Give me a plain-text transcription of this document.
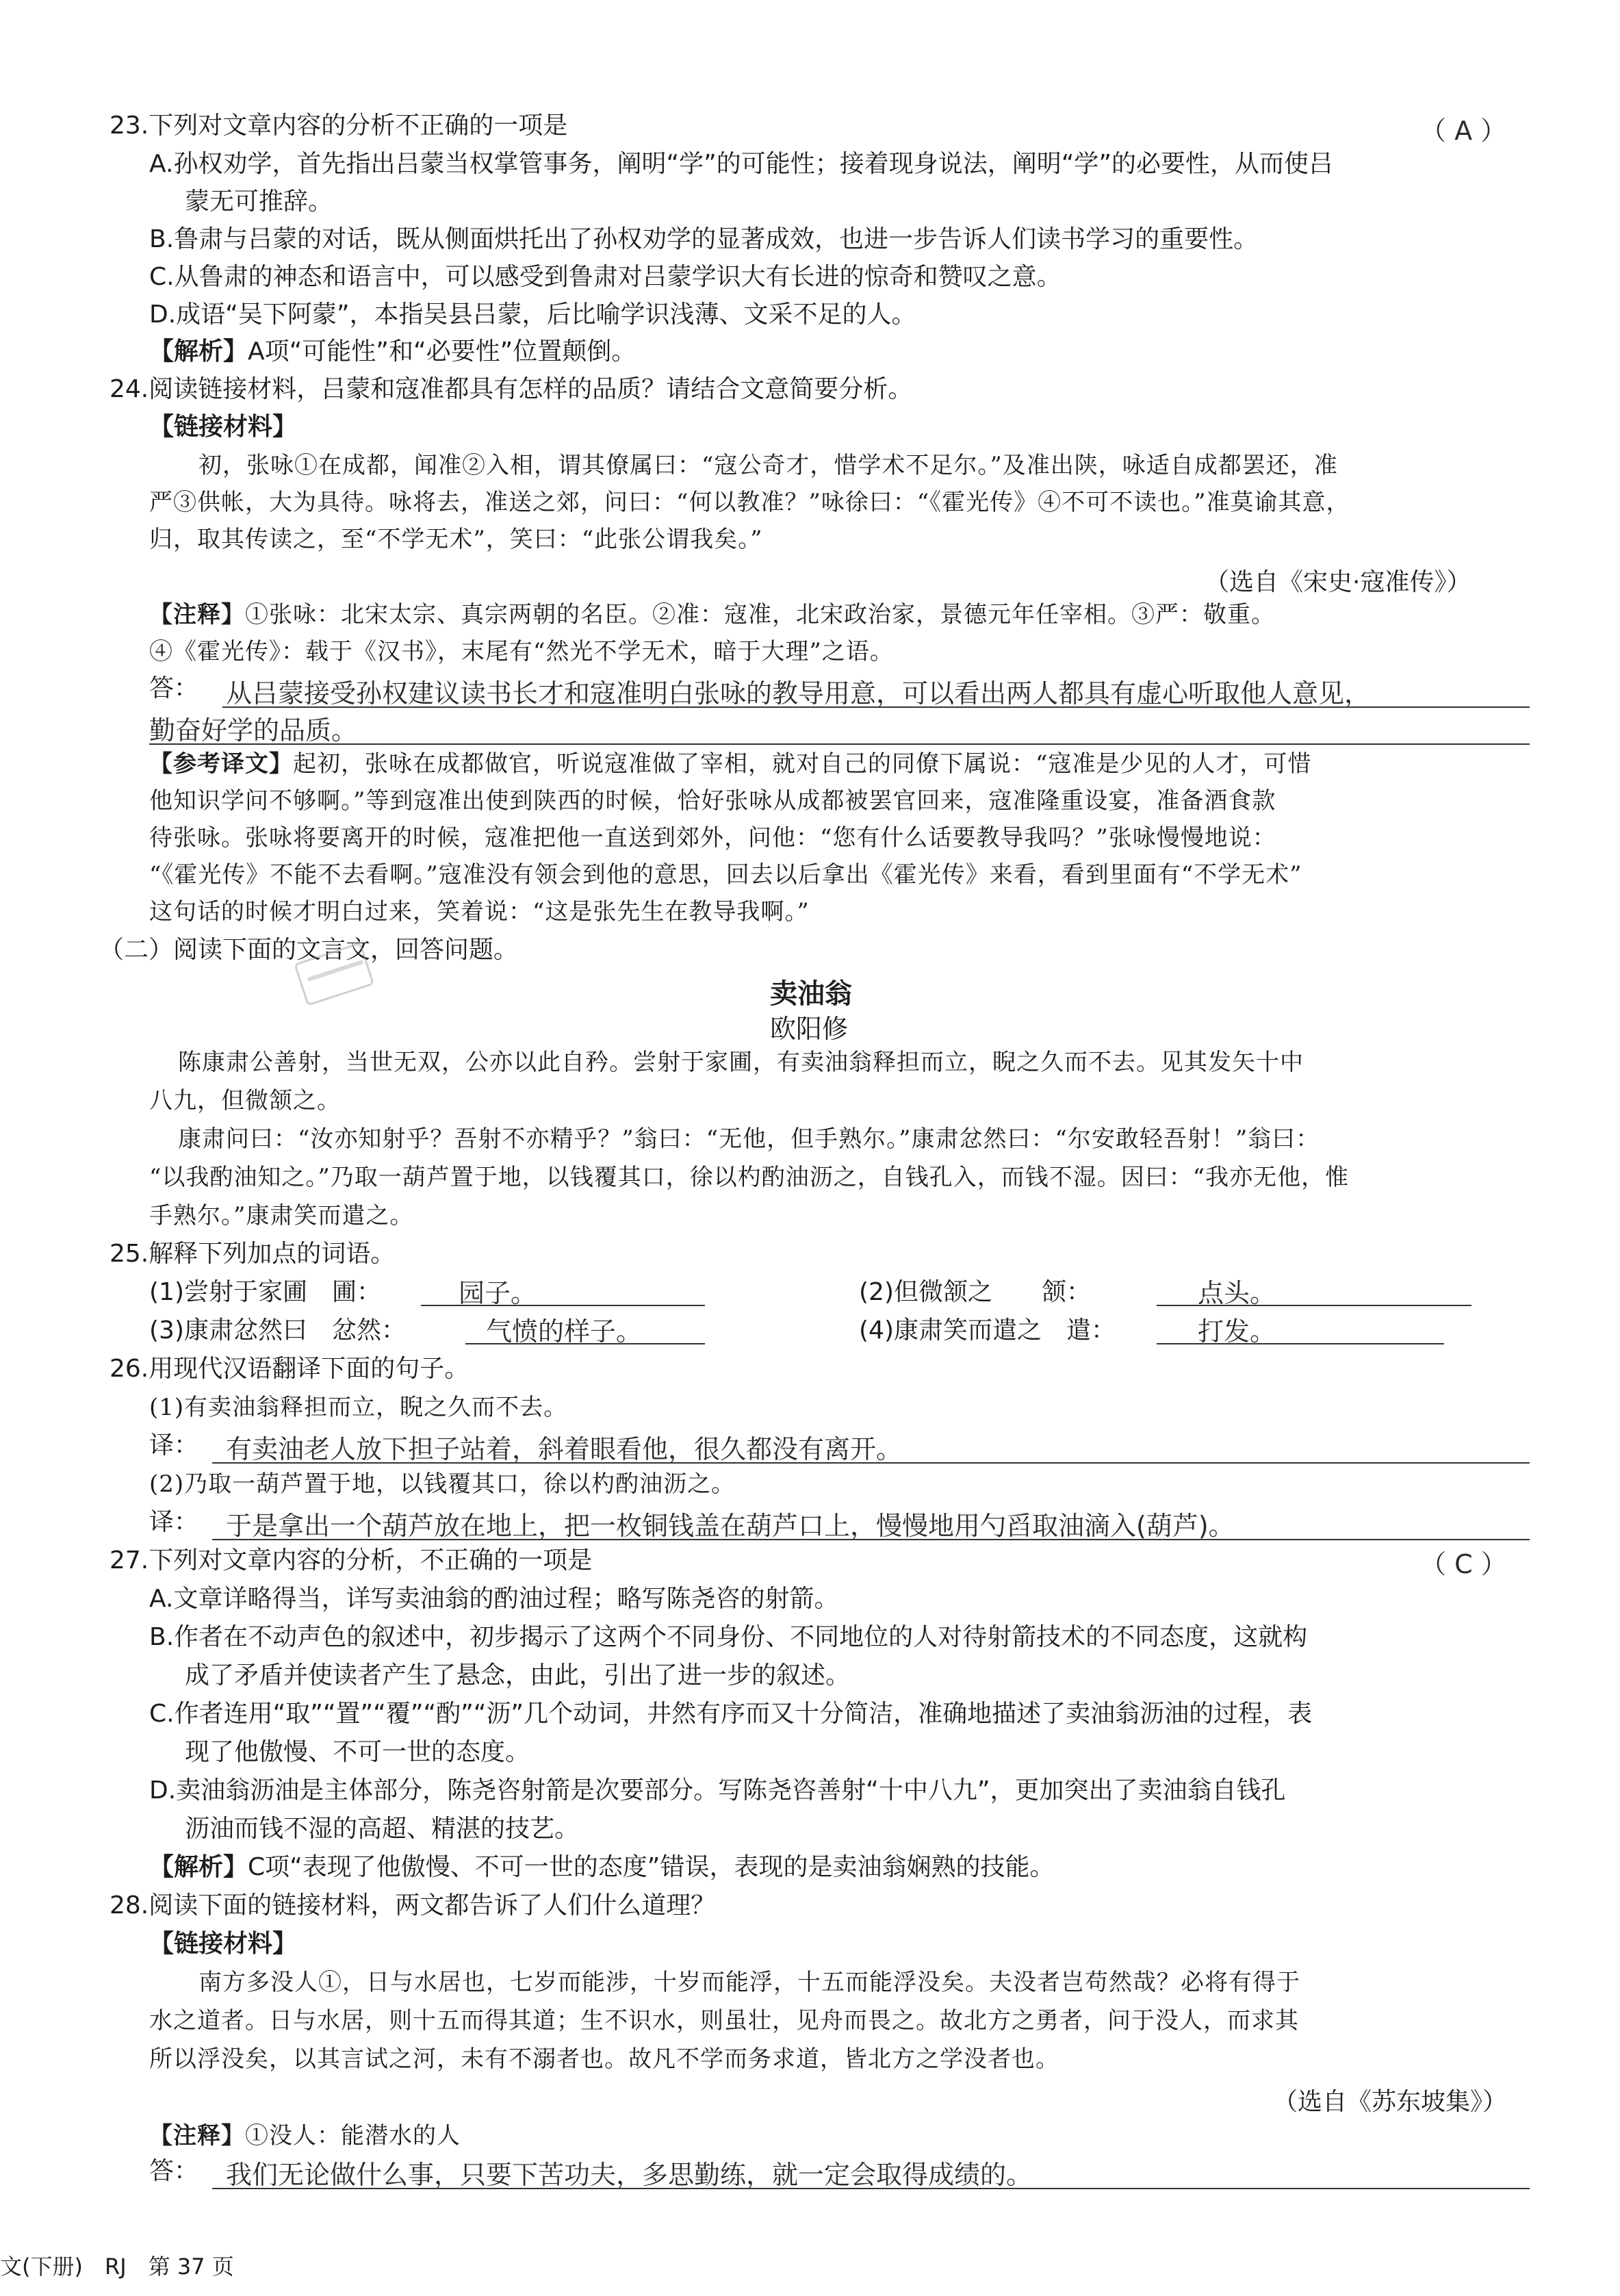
23.下列对文章内容的分析不正确的一项是	（ A ）
A.孙权劝学，首先指出吕蒙当权掌管事务，阐明“学”的可能性；接着现身说法，阐明“学”的必要性，从而使吕
蒙无可推辞。
B.鲁肃与吕蒙的对话，既从侧面烘托出了孙权劝学的显著成效，也进一步告诉人们读书学习的重要性。
C.从鲁肃的神态和语言中，可以感受到鲁肃对吕蒙学识大有长进的惊奇和赞叹之意。
D.成语“吴下阿蒙”，本指吴县吕蒙，后比喻学识浅薄、文采不足的人。
【解析】A项“可能性”和“必要性”位置颠倒。
24.阅读链接材料，吕蒙和寇准都具有怎样的品质？请结合文意简要分析。
【链接材料】
初，张咏①在成都，闻准②入相，谓其僚属曰：“寇公奇才，惜学术不足尔。”及准出陕，咏适自成都罢还，准
严③供帐，大为具待。咏将去，准送之郊，问曰：“何以教准？”咏徐曰：“《霍光传》④不可不读也。”准莫谕其意，
归，取其传读之，至“不学无术”，笑曰：“此张公谓我矣。”
（选自《宋史·寇准传》）
【注释】①张咏：北宋太宗、真宗两朝的名臣。②准：寇准，北宋政治家，景德元年任宰相。③严：敬重。
④《霍光传》：载于《汉书》，末尾有“然光不学无术，暗于大理”之语。
答： 从吕蒙接受孙权建议读书长才和寇准明白张咏的教导用意，可以看出两人都具有虚心听取他人意见，
勤奋好学的品质。
【参考译文】起初，张咏在成都做官，听说寇准做了宰相，就对自己的同僚下属说：“寇准是少见的人才，可惜
他知识学问不够啊。”等到寇准出使到陕西的时候，恰好张咏从成都被罢官回来，寇准隆重设宴，准备酒食款
待张咏。张咏将要离开的时候，寇准把他一直送到郊外，问他：“您有什么话要教导我吗？”张咏慢慢地说：
“《霍光传》不能不去看啊。”寇准没有领会到他的意思，回去以后拿出《霍光传》来看，看到里面有“不学无术”
这句话的时候才明白过来，笑着说：“这是张先生在教导我啊。”
（二）阅读下面的文言文，回答问题。
卖油翁
欧阳修
陈康肃公善射，当世无双，公亦以此自矜。尝射于家圃，有卖油翁释担而立，睨之久而不去。见其发矢十中
八九，但微颔之。
康肃问曰：“汝亦知射乎？吾射不亦精乎？”翁曰：“无他，但手熟尔。”康肃忿然曰：“尔安敢轻吾射！”翁曰：
“以我酌油知之。”乃取一葫芦置于地，以钱覆其口，徐以杓酌油沥之，自钱孔入，而钱不湿。因曰：“我亦无他，惟
手熟尔。”康肃笑而遣之。
25.解释下列加点的词语。
(1)尝射于家圃　圃：	园子。	(2)但微颔之　　颔：	点头。
(3)康肃忿然曰　忿然：	气愤的样子。	(4)康肃笑而遣之　遣：	打发。
26.用现代汉语翻译下面的句子。
(1)有卖油翁释担而立，睨之久而不去。
译： 有卖油老人放下担子站着，斜着眼看他，很久都没有离开。
(2)乃取一葫芦置于地，以钱覆其口，徐以杓酌油沥之。
译： 于是拿出一个葫芦放在地上，把一枚铜钱盖在葫芦口上，慢慢地用勺舀取油滴入(葫芦)。
27.下列对文章内容的分析，不正确的一项是	（ C ）
A.文章详略得当，详写卖油翁的酌油过程；略写陈尧咨的射箭。
B.作者在不动声色的叙述中，初步揭示了这两个不同身份、不同地位的人对待射箭技术的不同态度，这就构
成了矛盾并使读者产生了悬念，由此，引出了进一步的叙述。
C.作者连用“取”“置”“覆”“酌”“沥”几个动词，井然有序而又十分简洁，准确地描述了卖油翁沥油的过程，表
现了他傲慢、不可一世的态度。
D.卖油翁沥油是主体部分，陈尧咨射箭是次要部分。写陈尧咨善射“十中八九”，更加突出了卖油翁自钱孔
沥油而钱不湿的高超、精湛的技艺。
【解析】C项“表现了他傲慢、不可一世的态度”错误，表现的是卖油翁娴熟的技能。
28.阅读下面的链接材料，两文都告诉了人们什么道理？
【链接材料】
南方多没人①，日与水居也，七岁而能涉，十岁而能浮，十五而能浮没矣。夫没者岂苟然哉？必将有得于
水之道者。日与水居，则十五而得其道；生不识水，则虽壮，见舟而畏之。故北方之勇者，问于没人，而求其
所以浮没矣，以其言试之河，未有不溺者也。故凡不学而务求道，皆北方之学没者也。
（选自《苏东坡集》）
【注释】①没人：能潜水的人
答： 我们无论做什么事，只要下苦功夫，多思勤练，就一定会取得成绩的。
文(下册)　RJ　第 37 页
